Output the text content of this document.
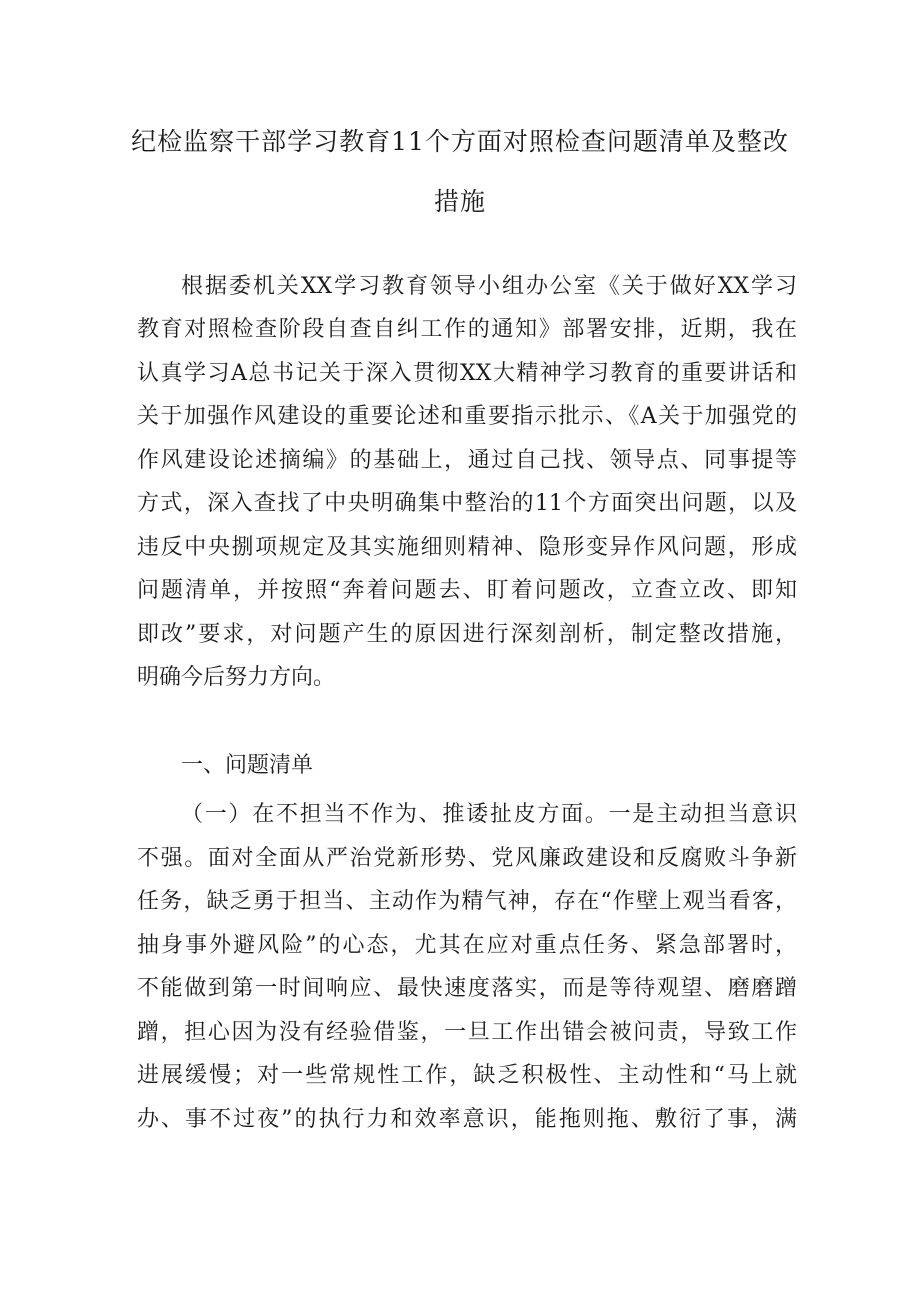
纪检监察干部学习教育11个方面对照检查问题清单及整改
措施
根据委机关XX学习教育领导小组办公室《关于做好XX学习
教育对照检查阶段自查自纠工作的通知》部署安排，近期，我在
认真学习A总书记关于深入贯彻XX大精神学习教育的重要讲话和
关于加强作风建设的重要论述和重要指示批示、《A关于加强党的
作风建设论述摘编》的基础上，通过自己找、领导点、同事提等
方式，深入查找了中央明确集中整治的11个方面突出问题，以及
违反中央捌项规定及其实施细则精神、隐形变异作风问题，形成
问题清单，并按照“奔着问题去、盯着问题改，立查立改、即知
即改”要求，对问题产生的原因进行深刻剖析，制定整改措施，
明确今后努力方向。
一、问题清单
（一）在不担当不作为、推诿扯皮方面。一是主动担当意识
不强。面对全面从严治党新形势、党风廉政建设和反腐败斗争新
任务，缺乏勇于担当、主动作为精气神，存在“作壁上观当看客，
抽身事外避风险”的心态，尤其在应对重点任务、紧急部署时，
不能做到第一时间响应、最快速度落实，而是等待观望、磨磨蹭
蹭，担心因为没有经验借鉴，一旦工作出错会被问责，导致工作
进展缓慢；对一些常规性工作，缺乏积极性、主动性和“马上就
办、事不过夜”的执行力和效率意识，能拖则拖、敷衍了事，满
